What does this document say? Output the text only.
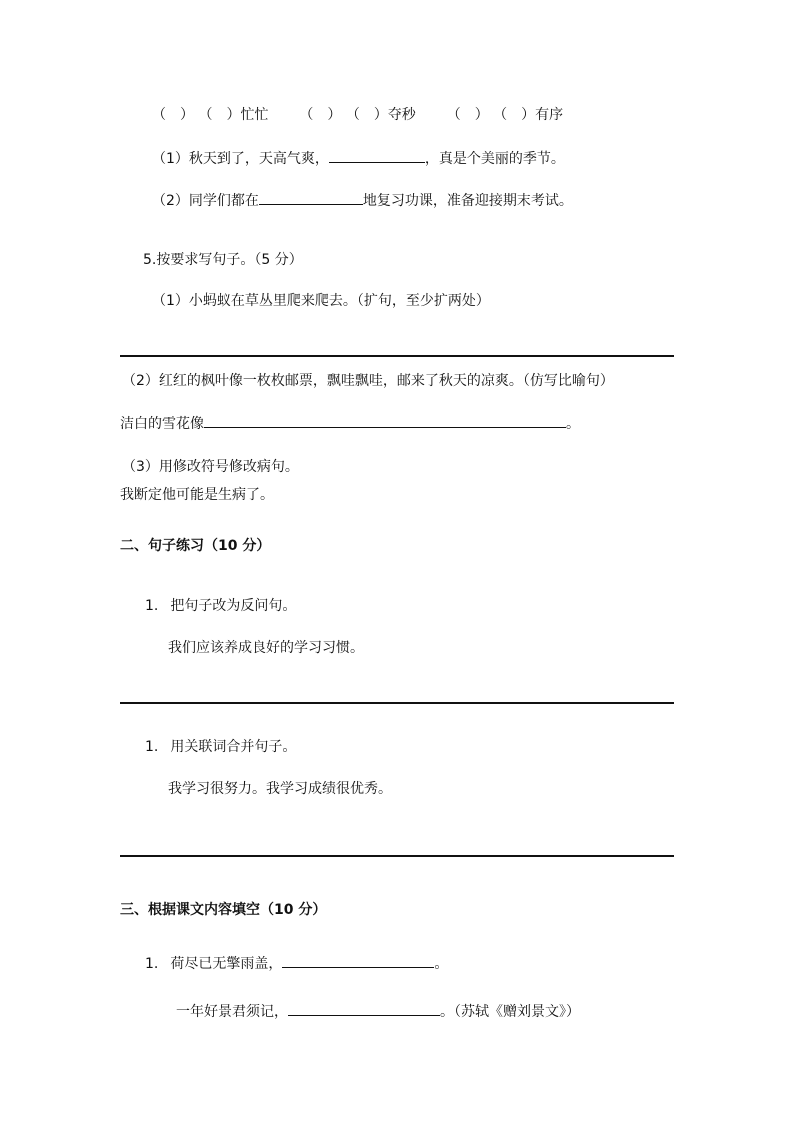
（ ） （ ）忙忙 （ ） （ ）夺秒 （ ） （ ）有序
（1）秋天到了，天高气爽，	，真是个美丽的季节。
（2）同学们都在	地复习功课，准备迎接期末考试。
5.按要求写句子。（5 分）
（1）小蚂蚁在草丛里爬来爬去。（扩句，至少扩两处）
（2）红红的枫叶像一枚枚邮票，飘哇飘哇，邮来了秋天的凉爽。（仿写比喻句）
洁白的雪花像	。
（3）用修改符号修改病句。
我断定他可能是生病了。
二、句子练习（10 分）
1. 把句子改为反问句。
我们应该养成良好的学习习惯。
1. 用关联词合并句子。
我学习很努力。我学习成绩很优秀。
三、根据课文内容填空（10 分）
1. 荷尽已无擎雨盖，	。
一年好景君须记，	。（苏轼《赠刘景文》）
